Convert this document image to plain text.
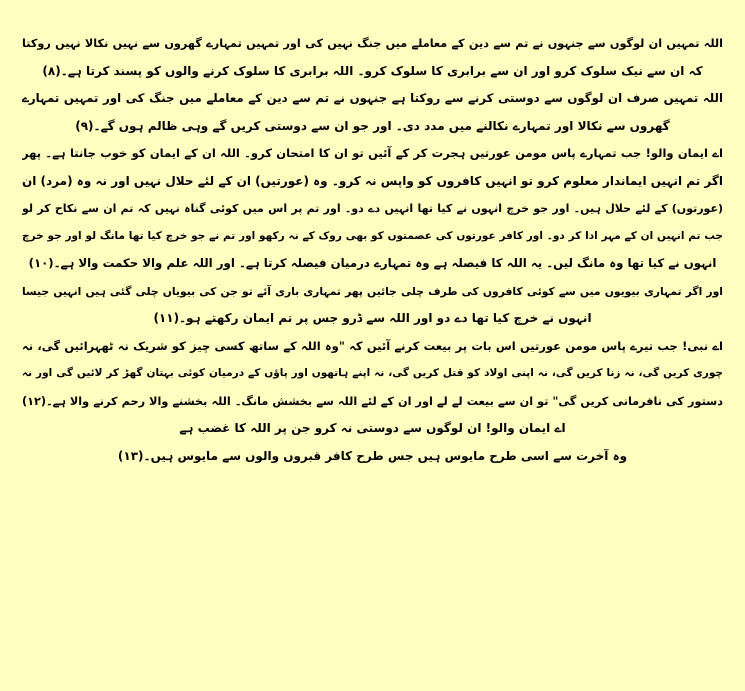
اللہ تمہیں ان لوگوں سے جنہوں نے تم سے دین کے معاملے میں جنگ نہیں کی اور تمہیں تمہارے گھروں سے نہیں نکالا نہیں روکتا
کہ ان سے نیک سلوک کرو اور ان سے برابری کا سلوک کرو۔ اللہ برابری کا سلوک کرنے والوں کو پسند کرتا ہے۔(۸)
اللہ تمہیں صرف ان لوگوں سے دوستی کرنے سے روکتا ہے جنہوں نے تم سے دین کے معاملے میں جنگ کی اور تمہیں تمہارے
گھروں سے نکالا اور تمہارے نکالنے میں مدد دی۔ اور جو ان سے دوستی کریں گے وہی ظالم ہوں گے۔(۹)
اے ایمان والو! جب تمہارے پاس مومن عورتیں ہجرت کر کے آئیں تو ان کا امتحان کرو۔ اللہ ان کے ایمان کو خوب جانتا ہے۔ پھر
اگر تم انہیں ایماندار معلوم کرو تو انہیں کافروں کو واپس نہ کرو۔ وہ (عورتیں) ان کے لئے حلال نہیں اور نہ وہ (مرد) ان
(عورتوں) کے لئے حلال ہیں۔ اور جو خرچ انہوں نے کیا تھا انہیں دے دو۔ اور تم پر اس میں کوئی گناہ نہیں کہ تم ان سے نکاح کر لو
جب تم انہیں ان کے مہر ادا کر دو۔ اور کافر عورتوں کی عصمتوں کو بھی روک کے نہ رکھو اور تم نے جو خرچ کیا تھا مانگ لو اور جو خرچ
انہوں نے کیا تھا وہ مانگ لیں۔ یہ اللہ کا فیصلہ ہے وہ تمہارے درمیان فیصلہ کرتا ہے۔ اور اللہ علم والا حکمت والا ہے۔(۱۰)
اور اگر تمہاری بیویوں میں سے کوئی کافروں کی طرف چلی جائیں پھر تمہاری باری آئے تو جن کی بیویاں چلی گئی ہیں انہیں جیسا
انہوں نے خرچ کیا تھا دے دو اور اللہ سے ڈرو جس پر تم ایمان رکھتے ہو۔(۱۱)
اے نبی! جب تیرے پاس مومن عورتیں اس بات پر بیعت کرنے آئیں کہ "وہ اللہ کے ساتھ کسی چیز کو شریک نہ ٹھہرائیں گی، نہ
چوری کریں گی، نہ زنا کریں گی، نہ اپنی اولاد کو قتل کریں گی، نہ اپنے ہاتھوں اور پاؤں کے درمیان کوئی بہتان گھڑ کر لائیں گی اور نہ
دستور کی نافرمانی کریں گی" تو ان سے بیعت لے لے اور ان کے لئے اللہ سے بخشش مانگ۔ اللہ بخشنے والا رحم کرنے والا ہے۔(۱۲)
اے ایمان والو! ان لوگوں سے دوستی نہ کرو جن پر اللہ کا غضب ہے
وہ آخرت سے اسی طرح مایوس ہیں جس طرح کافر قبروں والوں سے مایوس ہیں۔(۱۳)
